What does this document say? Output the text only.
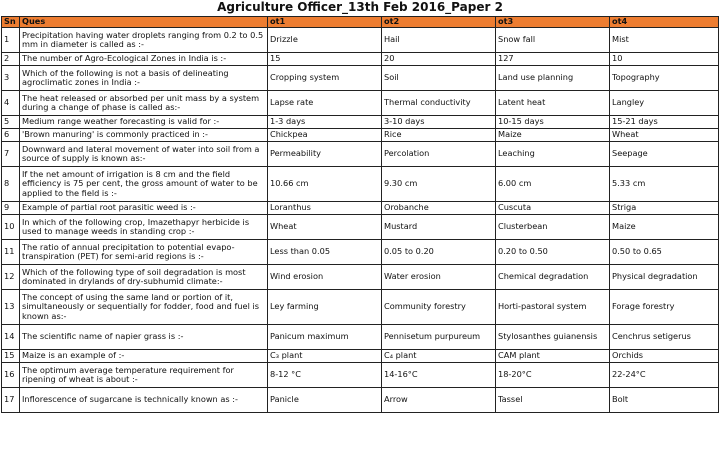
Agriculture Officer_13th Feb 2016_Paper 2
Sn	Ques	ot1	ot2	ot3	ot4
1	Precipitation having water droplets ranging from 0.2 to 0.5 mm in diameter is called as :-	Drizzle	Hail	Snow fall	Mist
2	The number of Agro-Ecological Zones in India is :-	15	20	127	10
3	Which of the following is not a basis of delineating agroclimatic zones in India :-	Cropping system	Soil	Land use planning	Topography
4	The heat released or absorbed per unit mass by a system during a change of phase is called as:-	Lapse rate	Thermal conductivity	Latent heat	Langley
5	Medium range weather forecasting is valid for :-	1-3 days	3-10 days	10-15 days	15-21 days
6	'Brown manuring' is commonly practiced in :-	Chickpea	Rice	Maize	Wheat
7	Downward and lateral movement of water into soil from a source of supply is known as:-	Permeability	Percolation	Leaching	Seepage
8	If the net amount of irrigation is 8 cm and the field efficiency is 75 per cent, the gross amount of water to be applied to the field is :-	10.66 cm	9.30 cm	6.00 cm	5.33 cm
9	Example of partial root parasitic weed is :-	Loranthus	Orobanche	Cuscuta	Striga
10	In which of the following crop, Imazethapyr herbicide is used to manage weeds in standing crop :-	Wheat	Mustard	Clusterbean	Maize
11	The ratio of annual precipitation to potential evapo-transpiration (PET) for semi-arid regions is :-	Less than 0.05	0.05 to 0.20	0.20 to 0.50	0.50 to 0.65
12	Which of the following type of soil degradation is most dominated in drylands of dry-subhumid climate:-	Wind erosion	Water erosion	Chemical degradation	Physical degradation
13	The concept of using the same land or portion of it, simultaneously or sequentially for fodder, food and fuel is known as:-	Ley farming	Community forestry	Horti-pastoral system	Forage forestry
14	The scientific name of napier grass is :-	Panicum maximum	Pennisetum purpureum	Stylosanthes guianensis	Cenchrus setigerus
15	Maize is an example of :-	C₃ plant	C₄ plant	CAM plant	Orchids
16	The optimum average temperature requirement for ripening of wheat is about :-	8-12 °C	14-16°C	18-20°C	22-24°C
17	Inflorescence of sugarcane is technically known as :-	Panicle	Arrow	Tassel	Bolt
